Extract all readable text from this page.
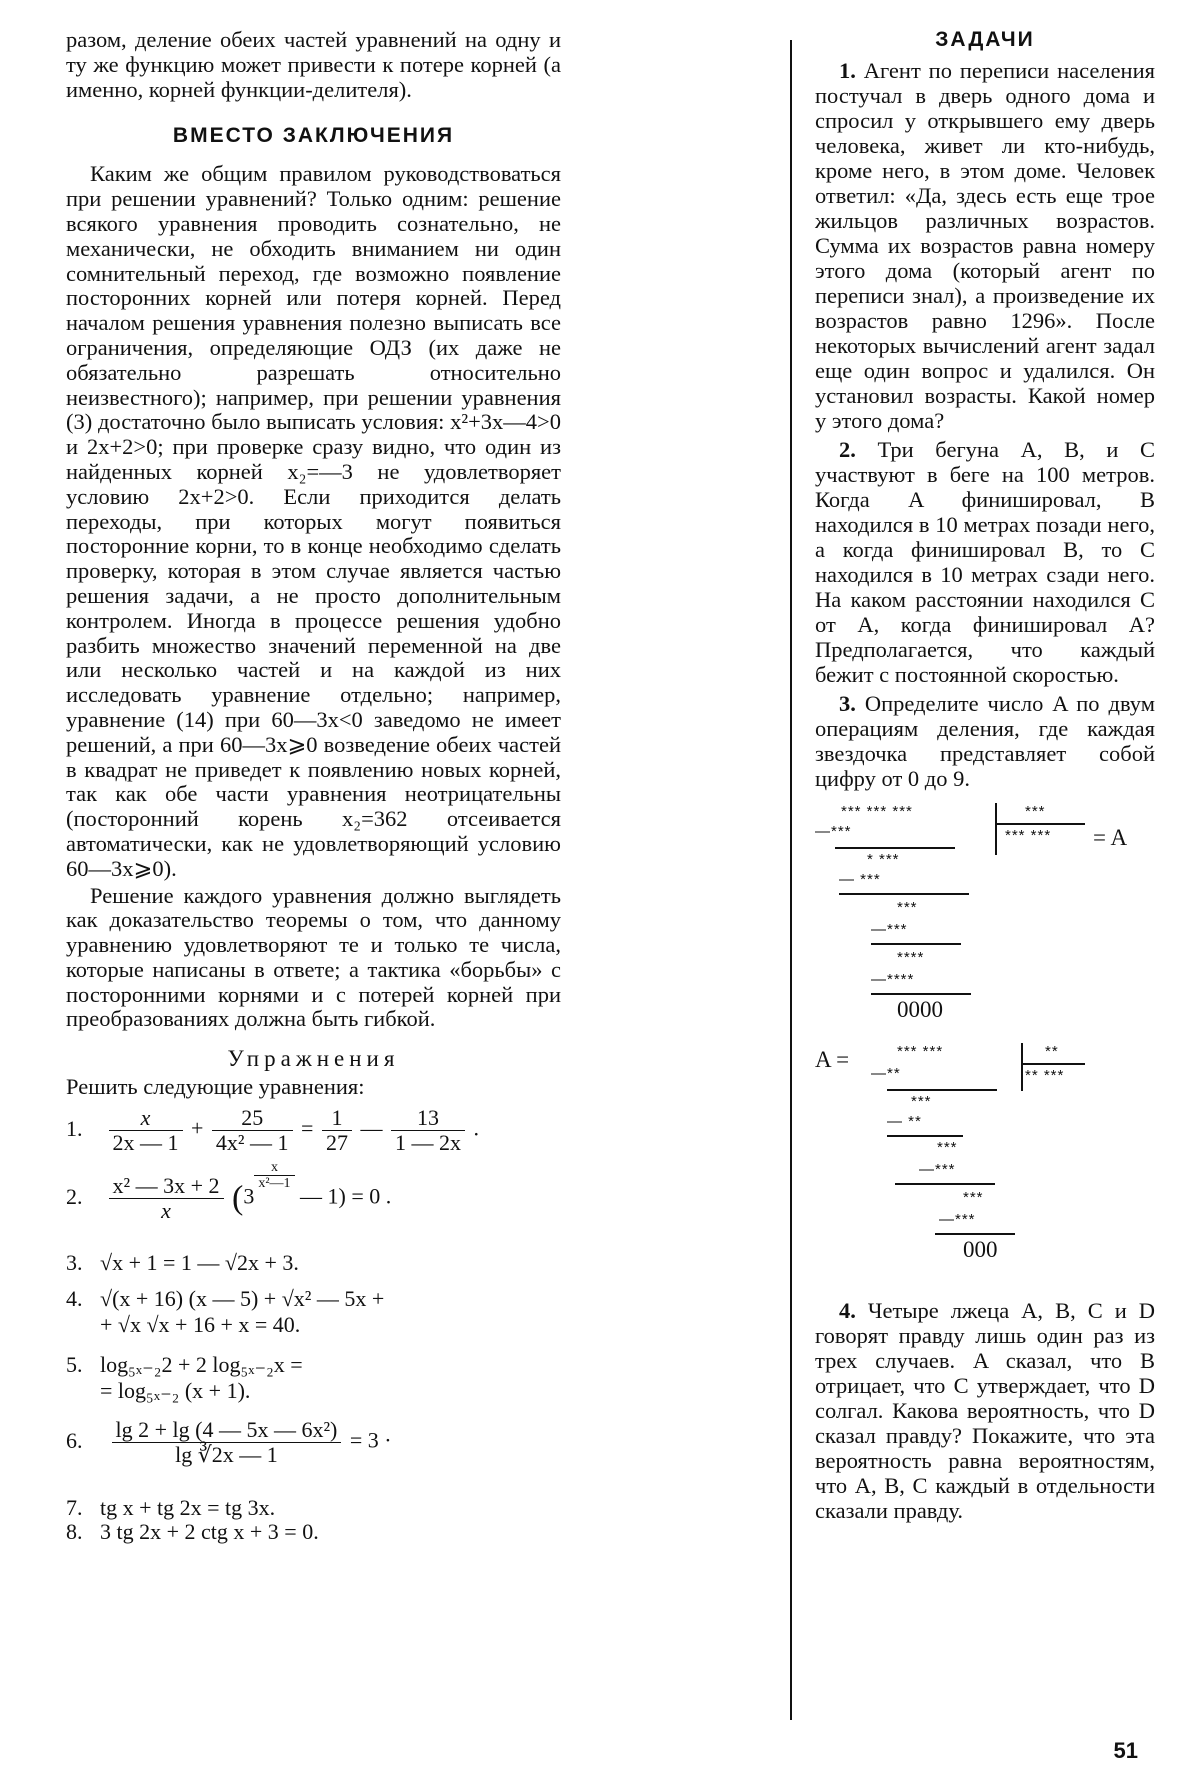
разом, деление обеих частей уравнений на одну и ту же функцию может привести к потере корней (а именно, корней функции-делителя).

ВМЕСТО ЗАКЛЮЧЕНИЯ

Каким же общим правилом руководствоваться при решении уравнений? Только одним: решение всякого уравнения проводить сознательно, не механически, не обходить вниманием ни один сомнительный переход, где возможно появление посторонних корней или потеря корней. Перед началом решения уравнения полезно выписать все ограничения, определяющие ОДЗ (их даже не обязательно разрешать относительно неизвестного); например, при решении уравнения (3) достаточно было выписать условия: x²+3x—4>0 и 2x+2>0; при проверке сразу видно, что один из найденных корней x₂=—3 не удовлетворяет условию 2x+2>0. Если приходится делать переходы, при которых могут появиться посторонние корни, то в конце необходимо сделать проверку, которая в этом случае является частью решения задачи, а не просто дополнительным контролем. Иногда в процессе решения удобно разбить множество значений переменной на две или несколько частей и на каждой из них исследовать уравнение отдельно; например, уравнение (14) при 60—3x<0 заведомо не имеет решений, а при 60—3x⩾0 возведение обеих частей в квадрат не приведет к появлению новых корней, так как обе части уравнения неотрицательны (посторонний корень x₂=362 отсеивается автоматически, как не удовлетворяющий условию 60—3x⩾0).

Решение каждого уравнения должно выглядеть как доказательство теоремы о том, что данному уравнению удовлетворяют те и только те числа, которые написаны в ответе; а тактика «борьбы» с посторонними корнями и с потерей корней при преобразованиях должна быть гибкой.

Упражнения

Решить следующие уравнения:

1. $\frac{x}{2x — 1} + \frac{25}{\text{4x² — 1}} = \frac{1}{27}$ — $\frac{13}{1 — 2x}$ .
2. $\frac{\text{x² — 3x + 2}}{x} (3$
$^{\frac{x}{\text{x²—1}}}$
— 1) = 0 .
3. √x + 1 = 1 — √2x + 3.
4. √(x + 16) (x — 5) + √x² — 5x +
+ √x √x + 16 + x = 40.
5. log₅ₓ₋₂2 + 2 log₅ₓ₋₂x =
= log₅ₓ₋₂ (x + 1).
6. $\frac{\text{lg 2 + lg (4 — 5x — 6x²)}}{\lg ∛2x — 1} = 3$ ·
7. tg x + tg 2x = tg 3x.
8. 3 tg 2x + 2 ctg x + 3 = 0.
ЗАДАЧИ

1. Агент по переписи населения постучал в дверь одного дома и спросил у открывшего ему дверь человека, живет ли кто-нибудь, кроме него, в этом доме. Человек ответил: «Да, здесь есть еще трое жильцов различных возрастов. Сумма их возрастов равна номеру этого дома (который агент по переписи знал), а произведение их возрастов равно 1296». После некоторых вычислений агент задал еще один вопрос и удалился. Он установил возрасты. Какой номер у этого дома?

2. Три бегуна A, B, и C участвуют в беге на 100 метров. Когда A финишировал, B находился в 10 метрах позади него, а когда финишировал B, то C находился в 10 метрах сзади него. На каком расстоянии находился C от A, когда финишировал A? Предполагается, что каждый бежит с постоянной скоростью.

3. Определите число A по двум операциям деления, где каждая звездочка представляет собой цифру от 0 до 9.

*** *** ***
—***
***
*** *** = A
* ***
— ***
***
—***
****
—****
0000
A =	*** ***
—**
**
** ***
***
— **
***
—***
***
—***
000

4. Четыре лжеца A, B, C и D говорят правду лишь один раз из трех случаев. A сказал, что B отрицает, что C утверждает, что D солгал. Какова вероятность, что D сказал правду? Покажите, что эта вероятность равна вероятностям, что A, B, C каждый в отдельности сказали правду.

51
